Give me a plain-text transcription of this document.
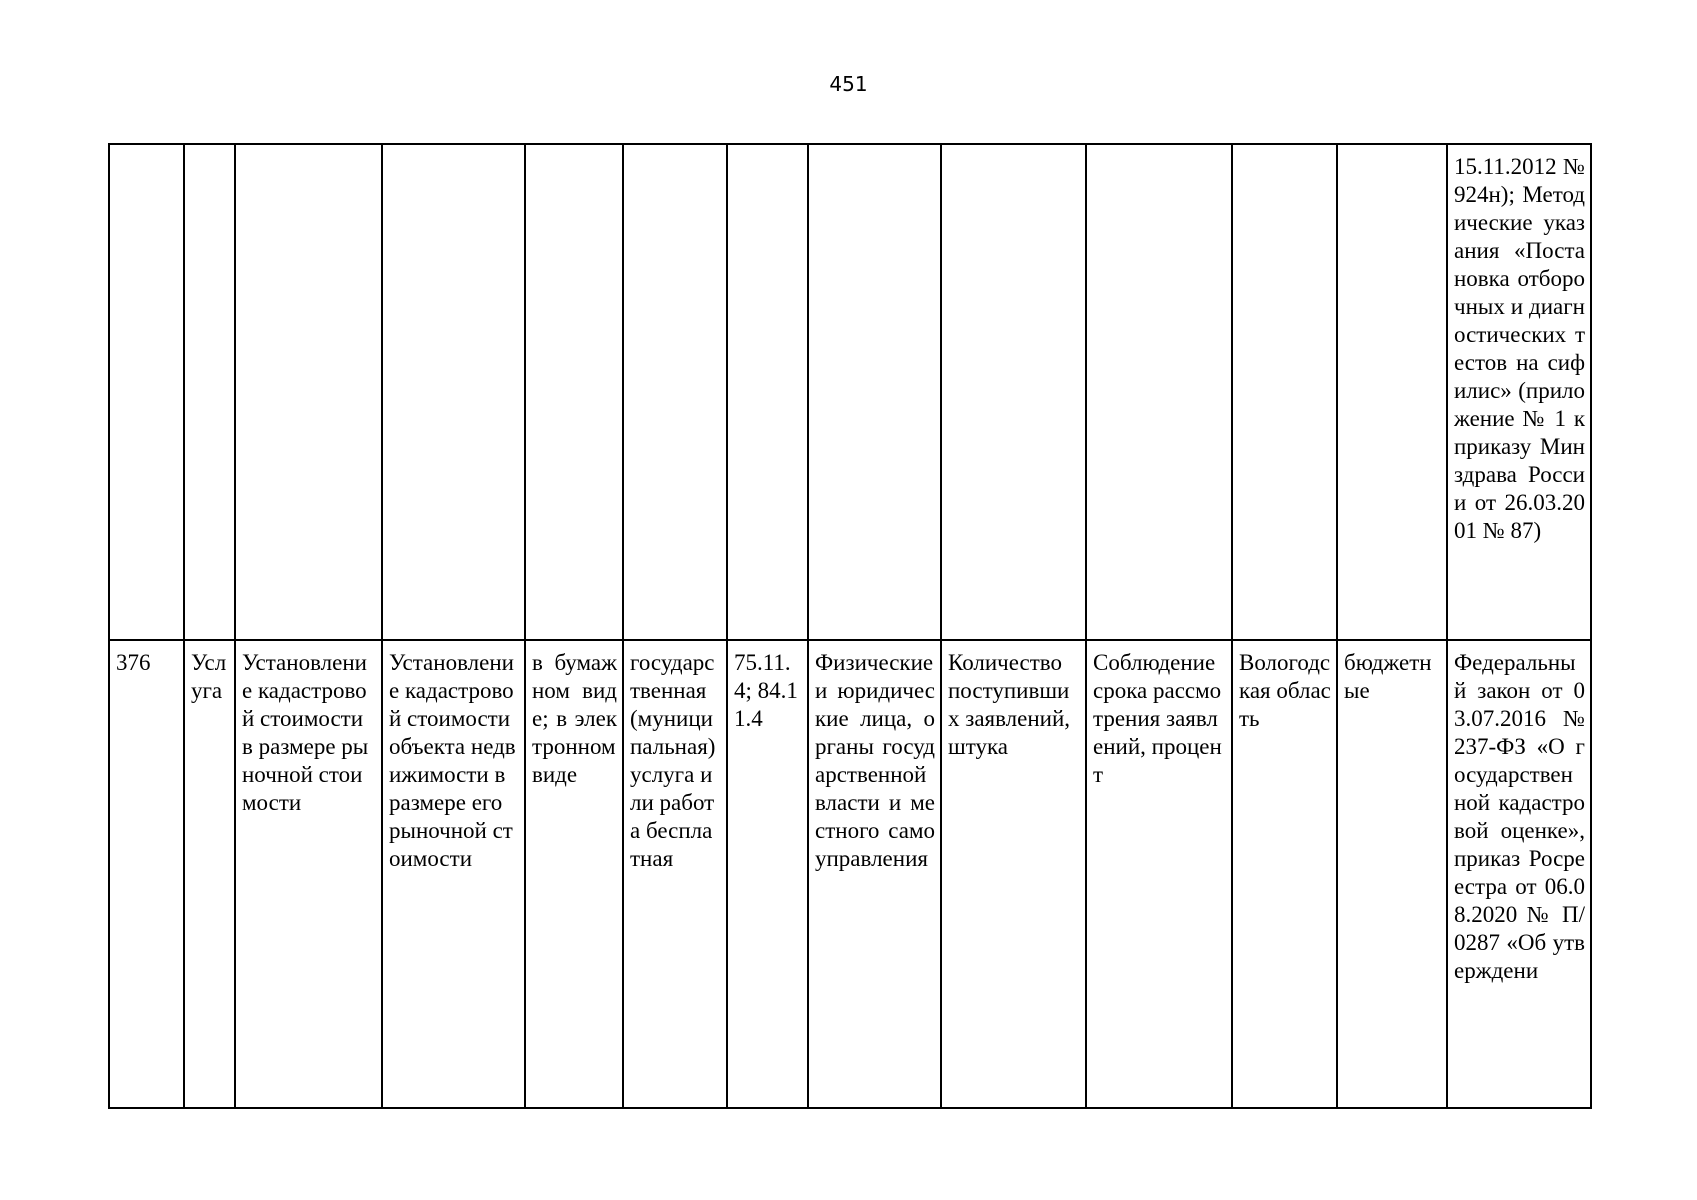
451
												15.11.2012 № 924н); Методические указания «Постановка отборочных и диагностических тестов на сифилис» (приложение № 1 к приказу Минздрава России от 26.03.2001 № 87)
376	Услуга	Установление кадастровой стоимости в размере рыночной стоимости	Установление кадастровой стоимости объекта недвижимости в размере его рыночной стоимости	в бумажном виде; в электронном виде	государственная (муниципальная) услуга или работа бесплатная	75.11.4; 84.11.4	Физические и юридические лица, органы государственной власти и местного самоуправления	Количество поступивших заявлений, штука	Соблюдение срока рассмотрения заявлений, процент	Вологодская область	бюджетные	Федеральный закон от 03.07.2016 № 237-ФЗ «О государственной кадастровой оценке», приказ Росреестра от 06.08.2020 № П/0287 «Об утверждени
